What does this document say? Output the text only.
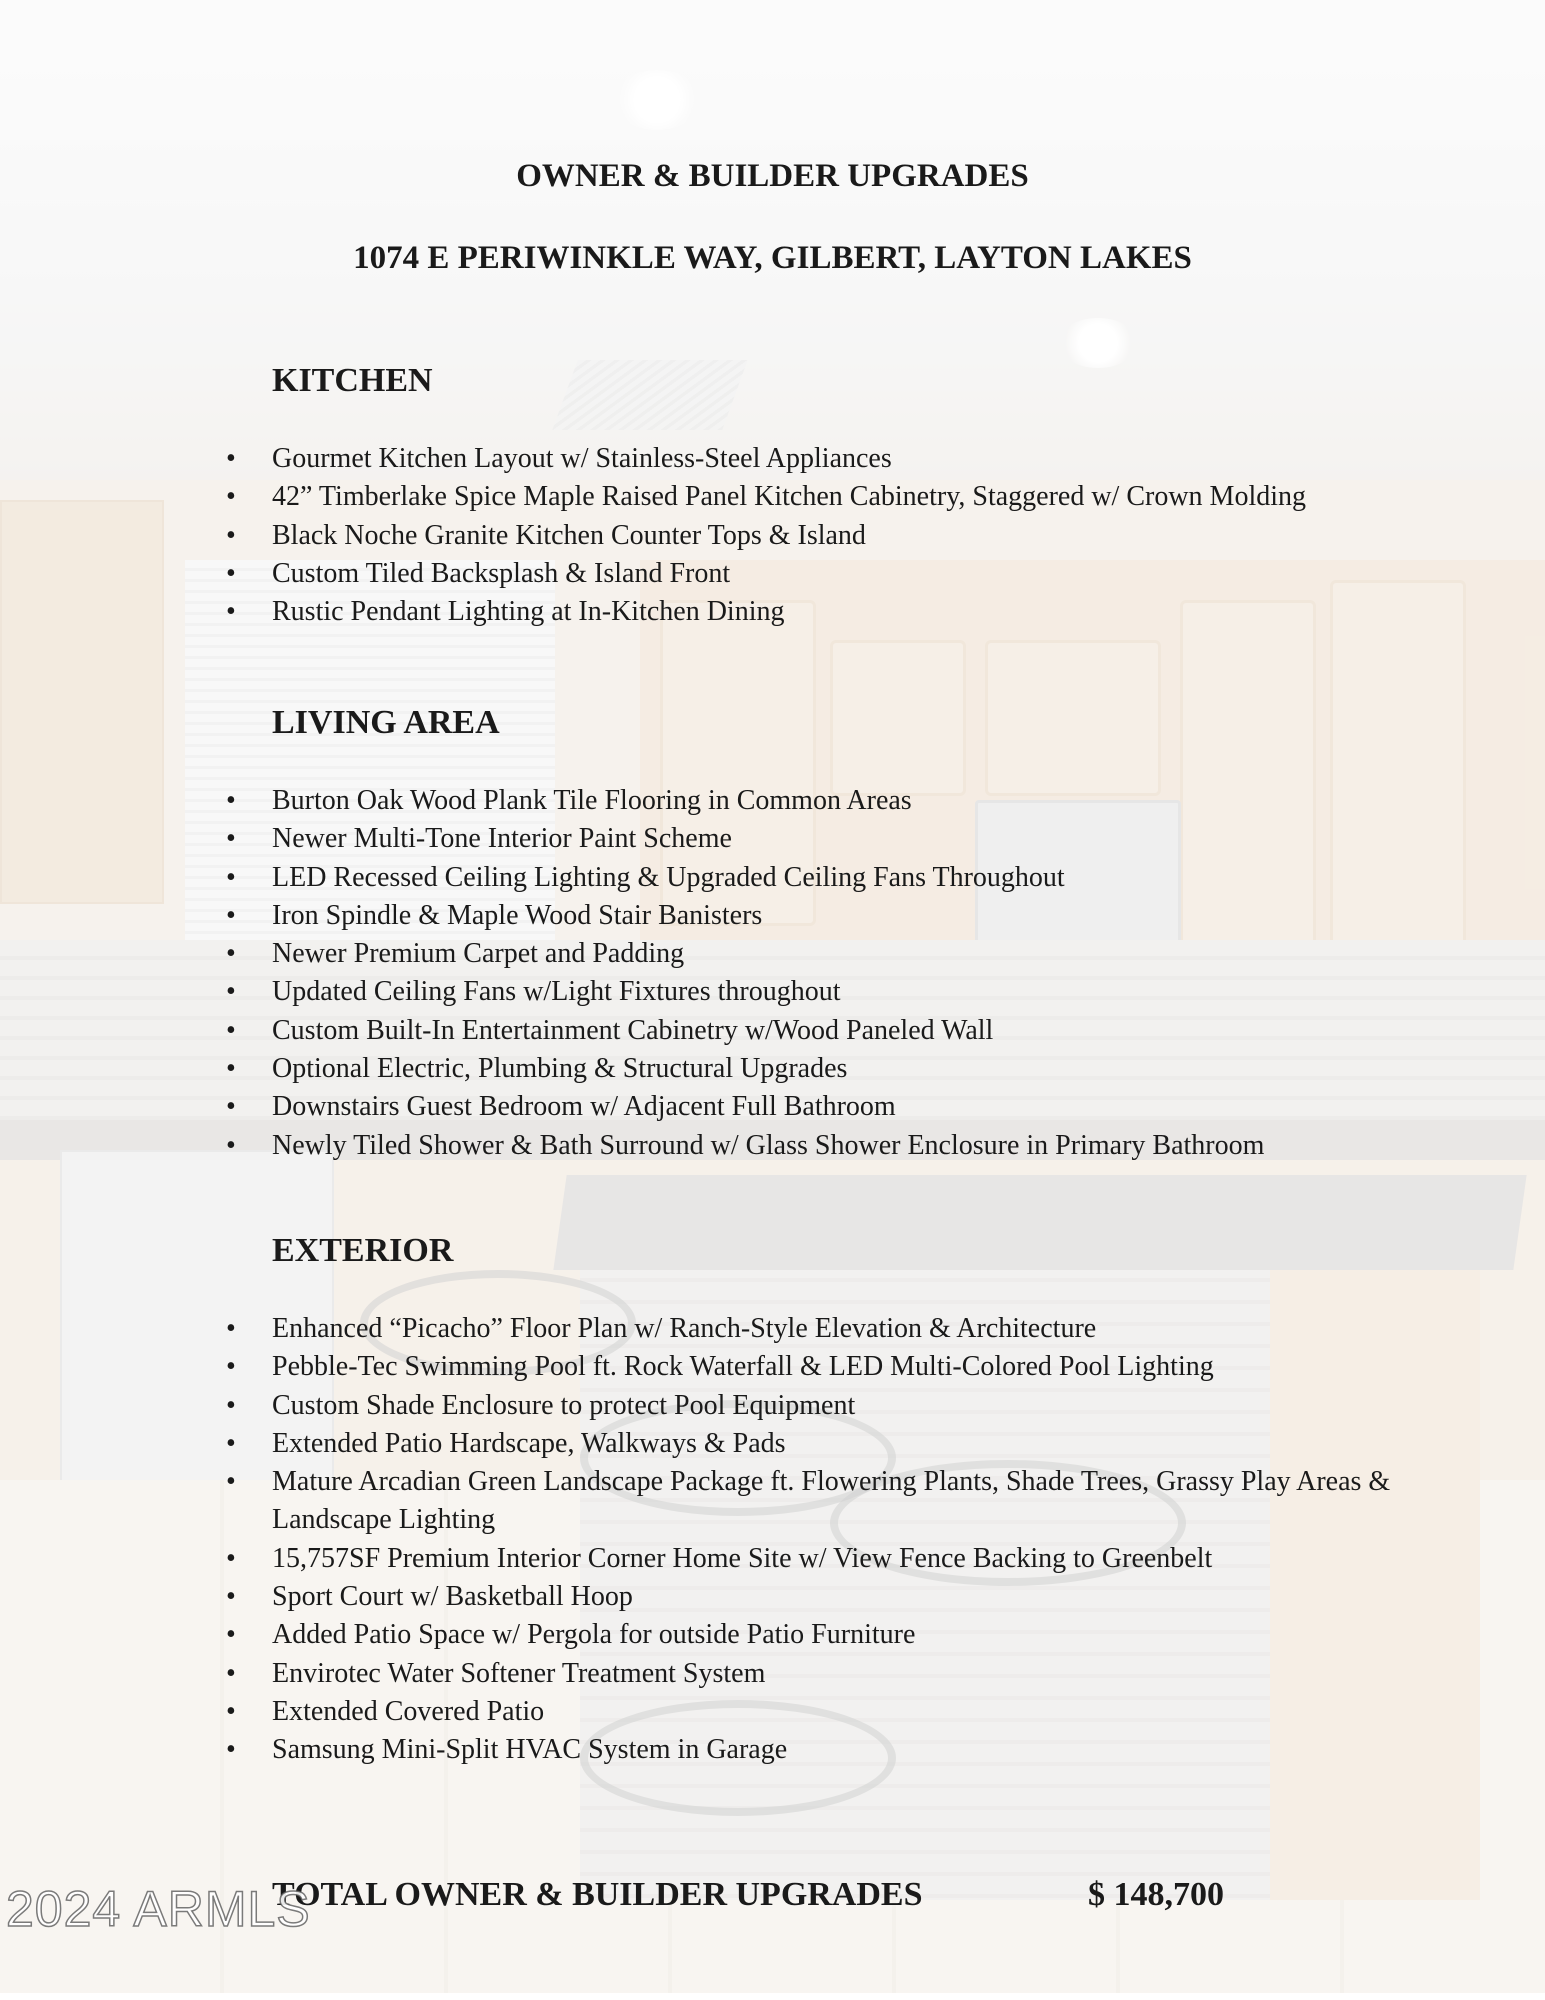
OWNER & BUILDER UPGRADES
1074 E PERIWINKLE WAY, GILBERT, LAYTON LAKES
KITCHEN
• Gourmet Kitchen Layout w/ Stainless-Steel Appliances
• 42” Timberlake Spice Maple Raised Panel Kitchen Cabinetry, Staggered w/ Crown Molding
• Black Noche Granite Kitchen Counter Tops & Island
• Custom Tiled Backsplash & Island Front
• Rustic Pendant Lighting at In-Kitchen Dining
LIVING AREA
• Burton Oak Wood Plank Tile Flooring in Common Areas
• Newer Multi-Tone Interior Paint Scheme
• LED Recessed Ceiling Lighting & Upgraded Ceiling Fans Throughout
• Iron Spindle & Maple Wood Stair Banisters
• Newer Premium Carpet and Padding
• Updated Ceiling Fans w/Light Fixtures throughout
• Custom Built-In Entertainment Cabinetry w/Wood Paneled Wall
• Optional Electric, Plumbing & Structural Upgrades
• Downstairs Guest Bedroom w/ Adjacent Full Bathroom
• Newly Tiled Shower & Bath Surround w/ Glass Shower Enclosure in Primary Bathroom
EXTERIOR
• Enhanced “Picacho” Floor Plan w/ Ranch-Style Elevation & Architecture
• Pebble-Tec Swimming Pool ft. Rock Waterfall & LED Multi-Colored Pool Lighting
• Custom Shade Enclosure to protect Pool Equipment
• Extended Patio Hardscape, Walkways & Pads
• Mature Arcadian Green Landscape Package ft. Flowering Plants, Shade Trees, Grassy Play Areas & Landscape Lighting
• 15,757SF Premium Interior Corner Home Site w/ View Fence Backing to Greenbelt
• Sport Court w/ Basketball Hoop
• Added Patio Space w/ Pergola for outside Patio Furniture
• Envirotec Water Softener Treatment System
• Extended Covered Patio
• Samsung Mini-Split HVAC System in Garage
TOTAL OWNER & BUILDER UPGRADES	$ 148,700
2024 ARMLS
